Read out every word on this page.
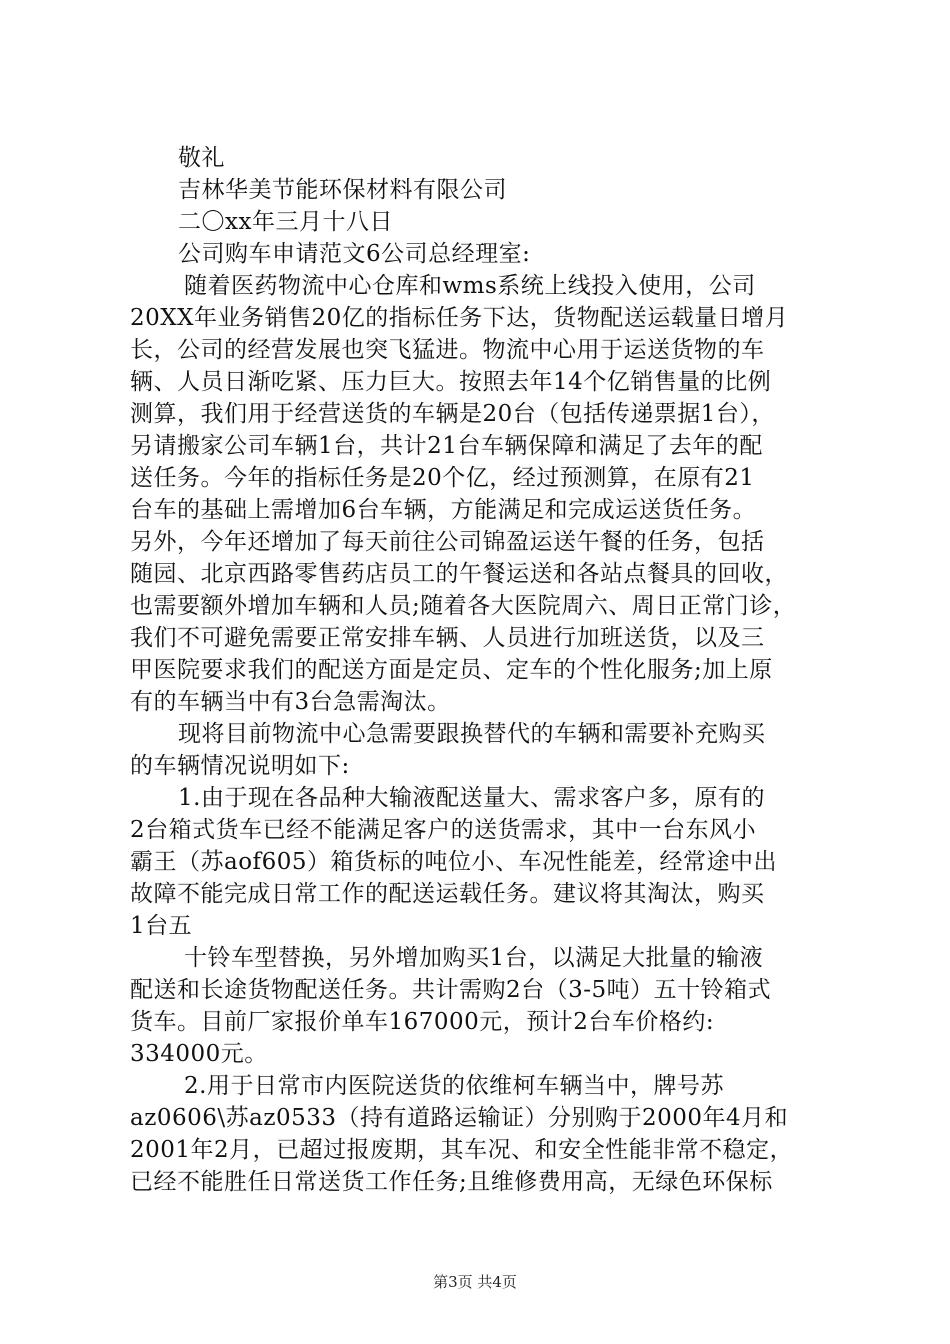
敬礼
吉林华美节能环保材料有限公司
二〇xx年三月十八日
公司购车申请范文6公司总经理室:
随着医药物流中心仓库和wms系统上线投入使用，公司
20XX年业务销售20亿的指标任务下达，货物配送运载量日增月
长，公司的经营发展也突飞猛进。物流中心用于运送货物的车
辆、人员日渐吃紧、压力巨大。按照去年14个亿销售量的比例
测算，我们用于经营送货的车辆是20台（包括传递票据1台），
另请搬家公司车辆1台，共计21台车辆保障和满足了去年的配
送任务。今年的指标任务是20个亿，经过预测算，在原有21
台车的基础上需增加6台车辆，方能满足和完成运送货任务。
另外，今年还增加了每天前往公司锦盈运送午餐的任务，包括
随园、北京西路零售药店员工的午餐运送和各站点餐具的回收，
也需要额外增加车辆和人员;随着各大医院周六、周日正常门诊，
我们不可避免需要正常安排车辆、人员进行加班送货，以及三
甲医院要求我们的配送方面是定员、定车的个性化服务;加上原
有的车辆当中有3台急需淘汰。
现将目前物流中心急需要跟换替代的车辆和需要补充购买
的车辆情况说明如下:
1.由于现在各品种大输液配送量大、需求客户多，原有的
2台箱式货车已经不能满足客户的送货需求，其中一台东风小
霸王（苏aof605）箱货标的吨位小、车况性能差，经常途中出
故障不能完成日常工作的配送运载任务。建议将其淘汰，购买
1台五
十铃车型替换，另外增加购买1台，以满足大批量的输液
配送和长途货物配送任务。共计需购2台（3-5吨）五十铃箱式
货车。目前厂家报价单车167000元，预计2台车价格约:
334000元。
2.用于日常市内医院送货的依维柯车辆当中，牌号苏
az0606\苏az0533（持有道路运输证）分别购于2000年4月和
2001年2月，已超过报废期，其车况、和安全性能非常不稳定，
已经不能胜任日常送货工作任务;且维修费用高，无绿色环保标
第3页 共4页
